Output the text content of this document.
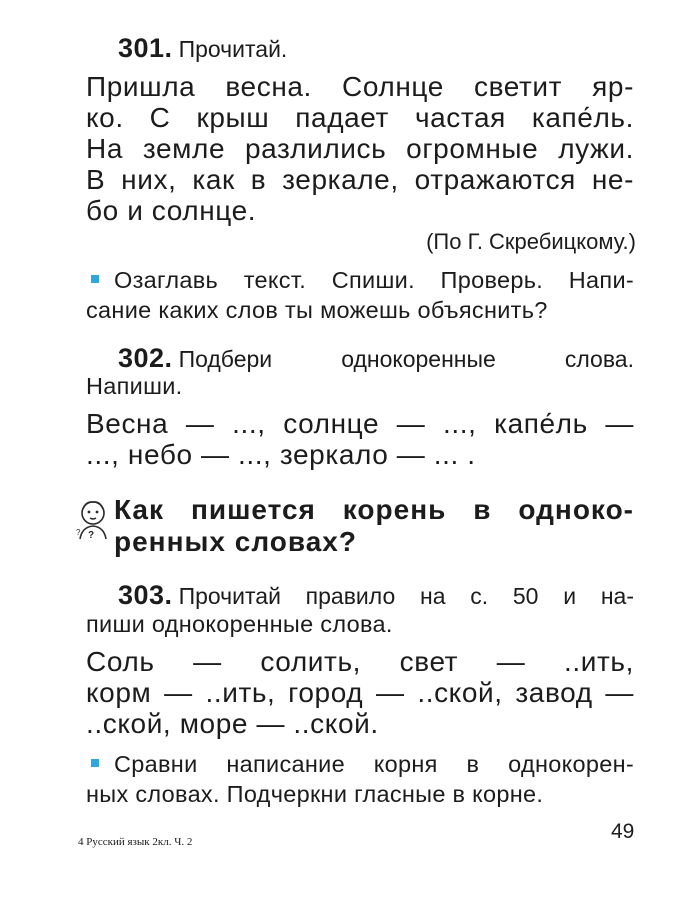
301. Прочитай.
Пришла весна. Солнце светит яр-
ко. С крыш падает частая капе́ль.
На земле разлились огромные лужи.
В них, как в зеркале, отражаются не-
бо и солнце.
(По Г. Скребицкому.)
Озаглавь текст. Спиши. Проверь. Напи-
сание каких слов ты можешь объяснить?
302. Подбери однокоренные слова.
Напиши.
Весна — ..., солнце — ..., капе́ль —
..., небо — ..., зеркало — ... .
?
?
Как пишется корень в однoко-
ренных словах?
303. Прочитай правило на с. 50 и на-
пиши однокоренные слова.
Соль — солить, свет — ..ить,
корм — ..ить, город — ..ской, завод —
..ской, море — ..ской.
Сравни написание корня в однокорен-
ных словах. Подчеркни гласные в корне.
4 Русский язык 2кл. Ч. 2	49
